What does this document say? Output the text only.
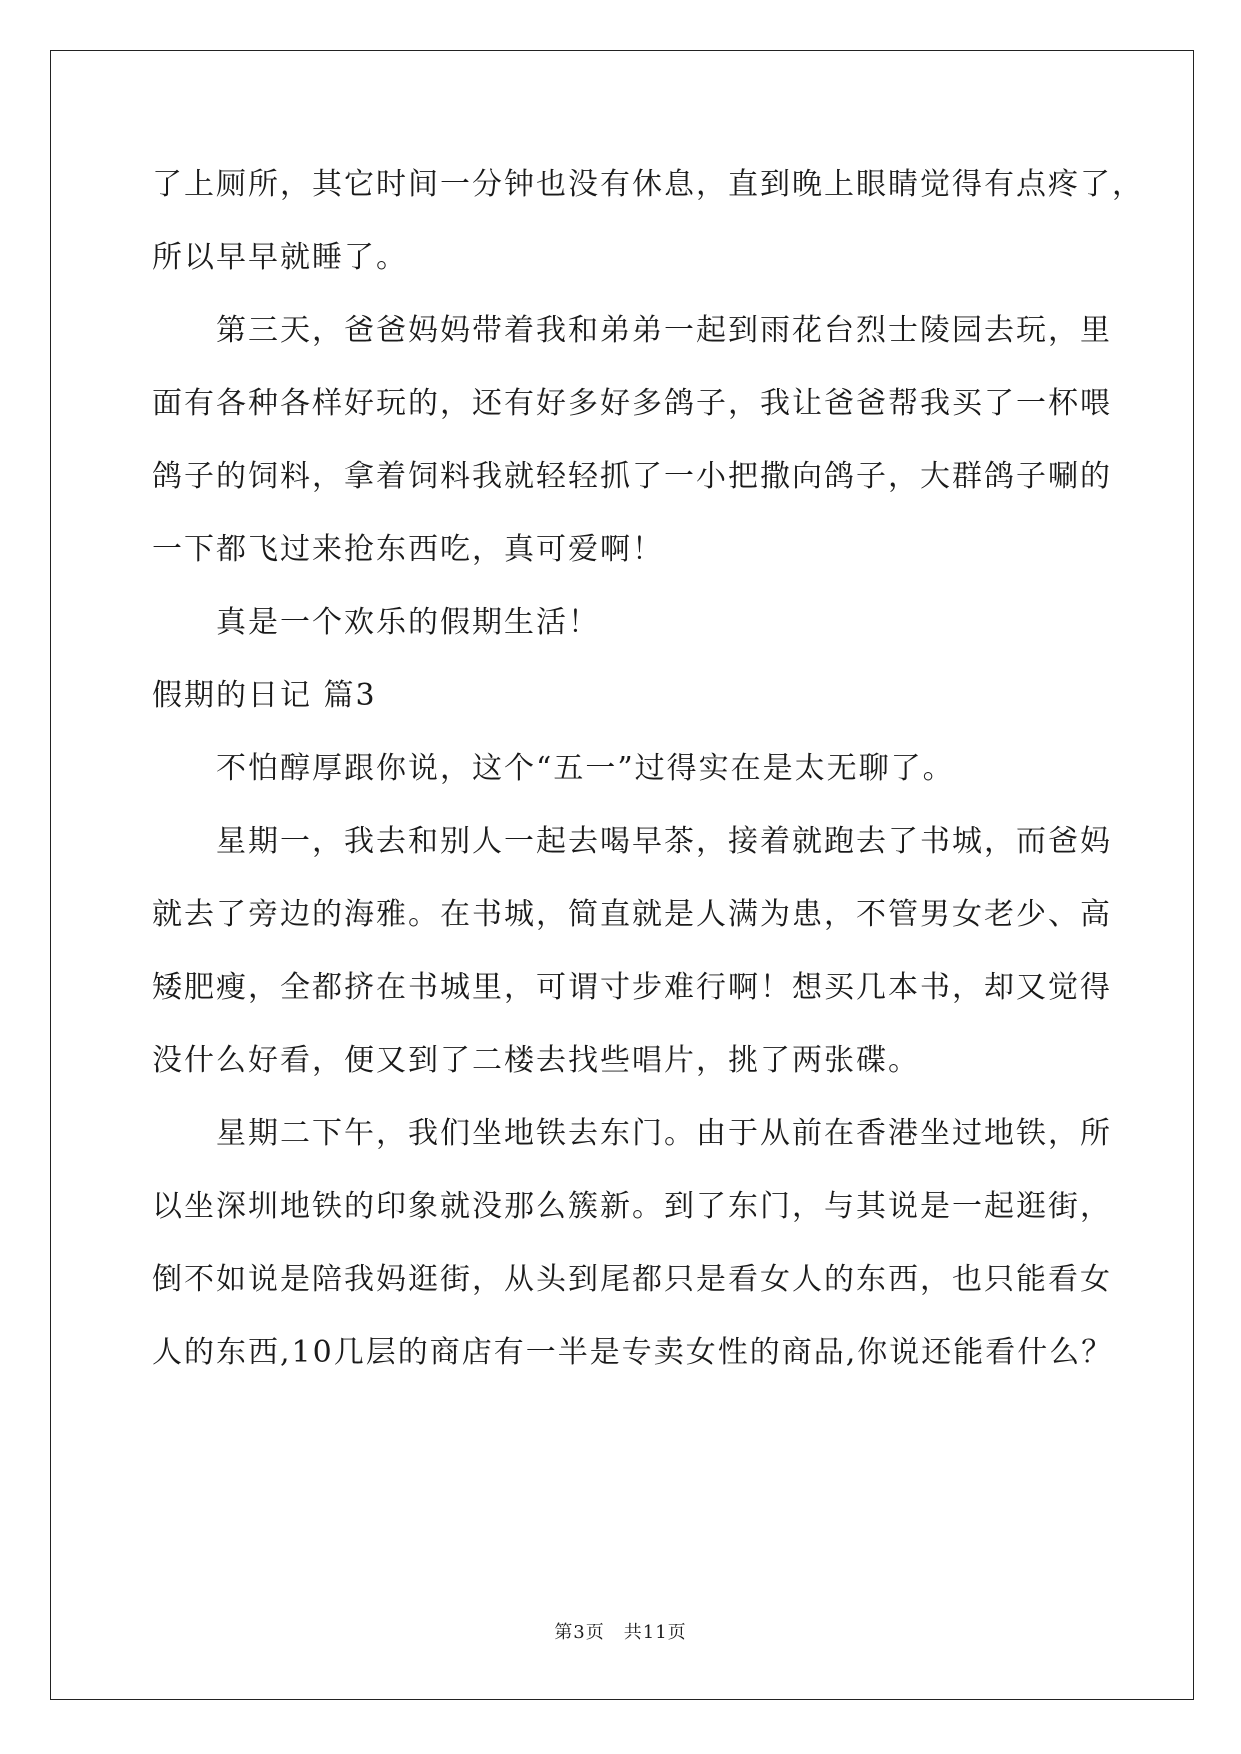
了上厕所，其它时间一分钟也没有休息，直到晚上眼睛觉得有点疼了，
所以早早就睡了。
第三天，爸爸妈妈带着我和弟弟一起到雨花台烈士陵园去玩，里
面有各种各样好玩的，还有好多好多鸽子，我让爸爸帮我买了一杯喂
鸽子的饲料，拿着饲料我就轻轻抓了一小把撒向鸽子，大群鸽子唰的
一下都飞过来抢东西吃，真可爱啊！
真是一个欢乐的假期生活！
假期的日记 篇3
不怕醇厚跟你说，这个“五一”过得实在是太无聊了。
星期一，我去和别人一起去喝早茶，接着就跑去了书城，而爸妈
就去了旁边的海雅。在书城，简直就是人满为患，不管男女老少、高
矮肥瘦，全都挤在书城里，可谓寸步难行啊！想买几本书，却又觉得
没什么好看，便又到了二楼去找些唱片，挑了两张碟。
星期二下午，我们坐地铁去东门。由于从前在香港坐过地铁，所
以坐深圳地铁的印象就没那么簇新。到了东门，与其说是一起逛街，
倒不如说是陪我妈逛街，从头到尾都只是看女人的东西，也只能看女
人的东西,10几层的商店有一半是专卖女性的商品,你说还能看什么？
第3页　共11页
